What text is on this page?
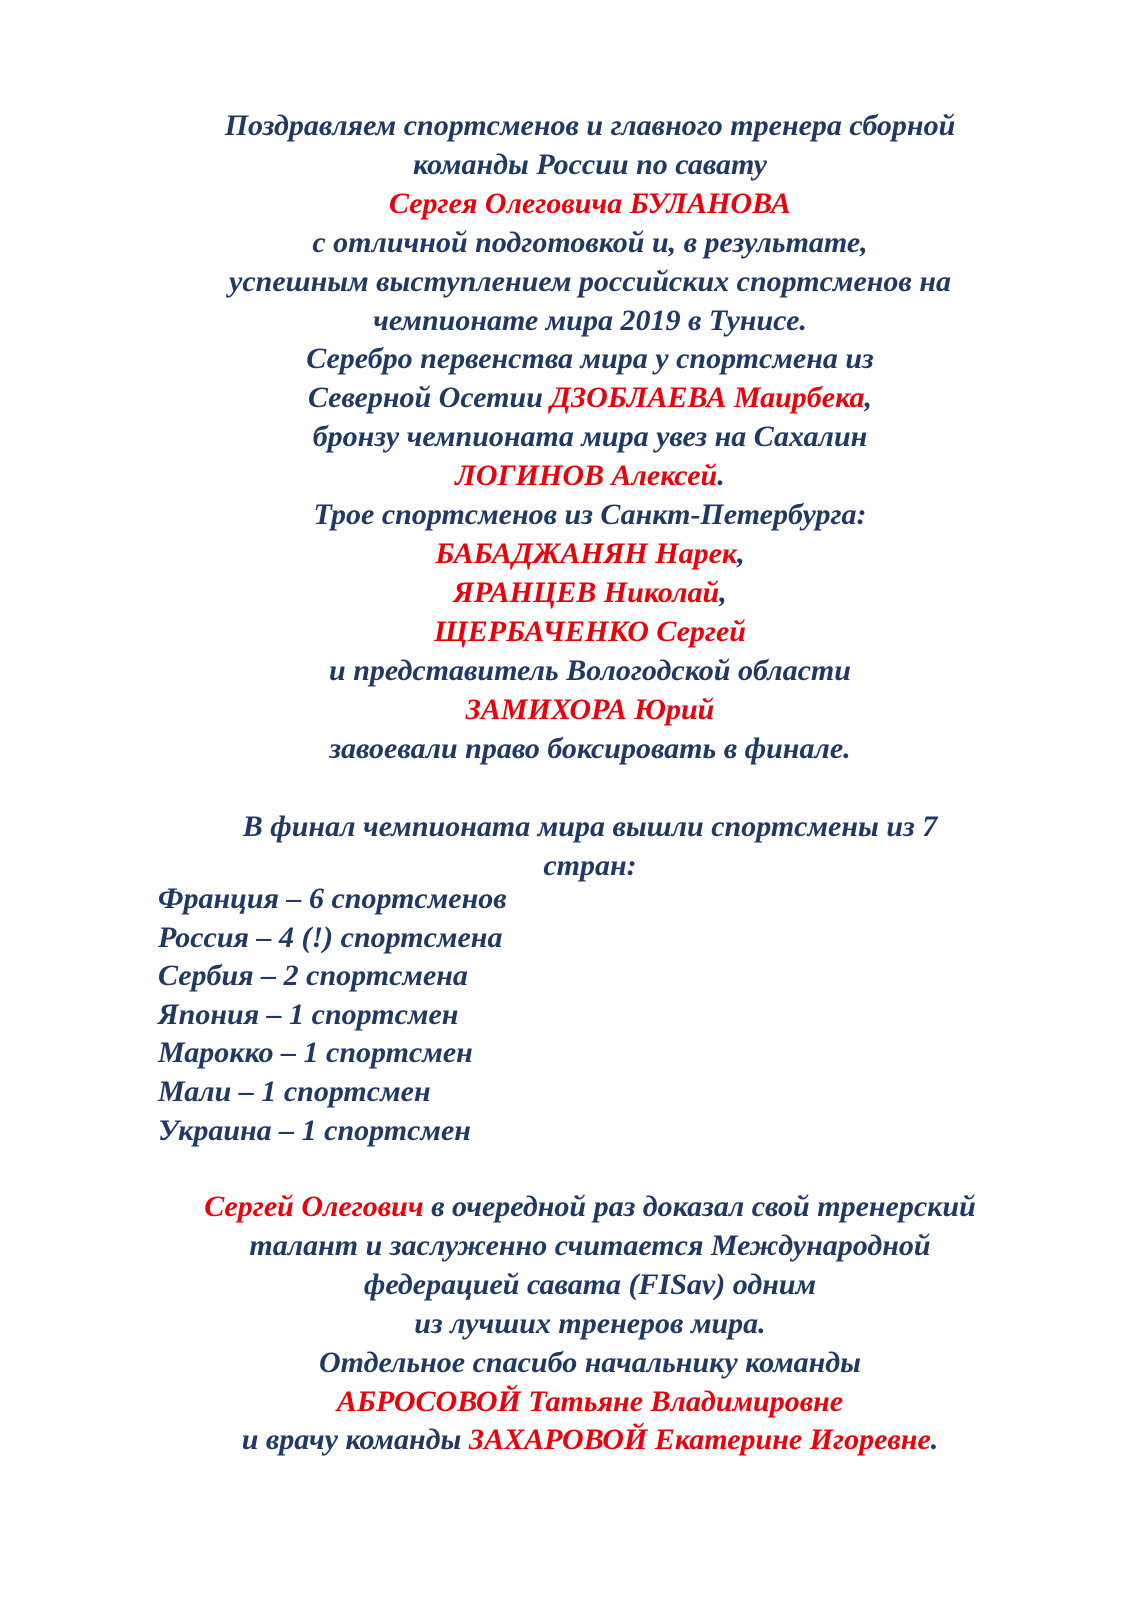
Поздравляем спортсменов и главного тренера сборной
команды России по савату
Сергея Олеговича БУЛАНОВА
с отличной подготовкой и, в результате,
успешным выступлением российских спортсменов на
чемпионате мира 2019 в Тунисе.
Серебро первенства мира у спортсмена из
Северной Осетии ДЗОБЛАЕВА Маирбека,
бронзу чемпионата мира увез на Сахалин
ЛОГИНОВ Алексей.
Трое спортсменов из Санкт-Петербурга:
БАБАДЖАНЯН Нарек,
ЯРАНЦЕВ Николай,
ЩЕРБАЧЕНКО Сергей
и представитель Вологодской области
ЗАМИХОРА Юрий
завоевали право боксировать в финале.
В финал чемпионата мира вышли спортсмены из 7
стран:
Франция – 6 спортсменов
Россия – 4 (!) спортсмена
Сербия – 2 спортсмена
Япония – 1 спортсмен
Марокко – 1 спортсмен
Мали – 1 спортсмен
Украина – 1 спортсмен
Сергей Олегович в очередной раз доказал свой тренерский
талант и заслуженно считается Международной
федерацией савата (FISav) одним
из лучших тренеров мира.
Отдельное спасибо начальнику команды
АБРОСОВОЙ Татьяне Владимировне
и врачу команды ЗАХАРОВОЙ Екатерине Игоревне.
